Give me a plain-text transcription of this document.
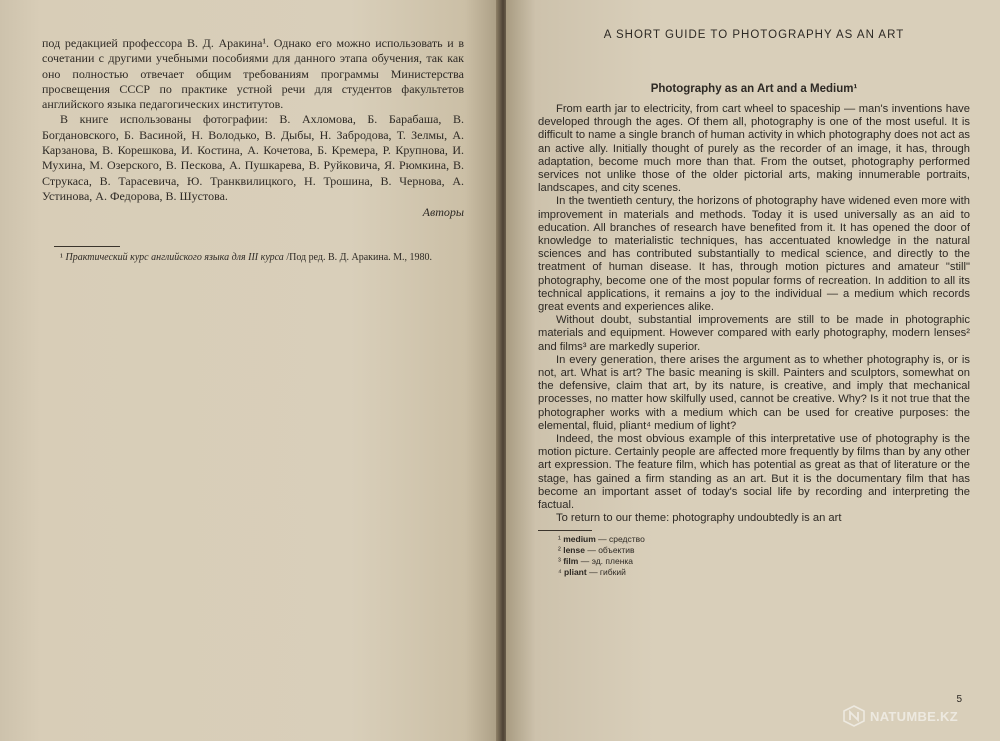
под редакцией профессора В. Д. Аракина¹. Однако его можно использовать и в сочетании с другими учебными пособиями для данного этапа обучения, так как оно полностью отвечает общим требованиям программы Министерства просвещения СССР по практике устной речи для студентов факультетов английского языка педагогических институтов.

В книге использованы фотографии: В. Ахломова, Б. Барабаша, В. Богдановского, Б. Васиной, Н. Володько, В. Дыбы, Н. Забродова, Т. Зелмы, А. Карзанова, В. Корешкова, И. Костина, А. Кочетова, Б. Кремера, Р. Крупнова, И. Мухина, М. Озерского, В. Пескова, А. Пушкарева, В. Руйковича, Я. Рюмкина, В. Струкаса, В. Тарасевича, Ю. Транквилицкого, Н. Трошина, В. Чернова, А. Устинова, А. Федорова, В. Шустова.

Авторы

¹ Практический курс английского языка для III курса /Под ред. В. Д. Аракина. М., 1980.

A SHORT GUIDE TO PHOTOGRAPHY AS AN ART
Photography as an Art and a Medium¹

From earth jar to electricity, from cart wheel to spaceship — man's inventions have developed through the ages. Of them all, photography is one of the most useful. It is difficult to name a single branch of human activity in which photography does not act as an active ally. Initially thought of purely as the recorder of an image, it has, through adaptation, become much more than that. From the outset, photography performed services not unlike those of the older pictorial arts, making innumerable portraits, landscapes, and city scenes.

In the twentieth century, the horizons of photography have widened even more with improvement in materials and methods. Today it is used universally as an aid to education. All branches of research have benefited from it. It has opened the door of knowledge to materialistic techniques, has accentuated knowledge in the natural sciences and has contributed substantially to medical science, and directly to the treatment of human disease. It has, through motion pictures and amateur "still" photography, become one of the most popular forms of recreation. In addition to all its technical applications, it remains a joy to the individual — a medium which records great events and experiences alike.

Without doubt, substantial improvements are still to be made in photographic materials and equipment. However compared with early photography, modern lenses² and films³ are markedly superior.

In every generation, there arises the argument as to whether photography is, or is not, art. What is art? The basic meaning is skill. Painters and sculptors, somewhat on the defensive, claim that art, by its nature, is creative, and imply that mechanical processes, no matter how skilfully used, cannot be creative. Why? Is it not true that the photographer works with a medium which can be used for creative purposes: the elemental, fluid, pliant⁴ medium of light?

Indeed, the most obvious example of this interpretative use of photography is the motion picture. Certainly people are affected more frequently by films than by any other art expression. The feature film, which has potential as great as that of literature or the stage, has gained a firm standing as an art. But it is the documentary film that has become an important asset of today's social life by recording and interpreting the factual.

To return to our theme: photography undoubtedly is an art

¹ medium — средство
² lense — объектив
³ film — эд. пленка
⁴ pliant — гибкий
5
NATUMBE.KZ
